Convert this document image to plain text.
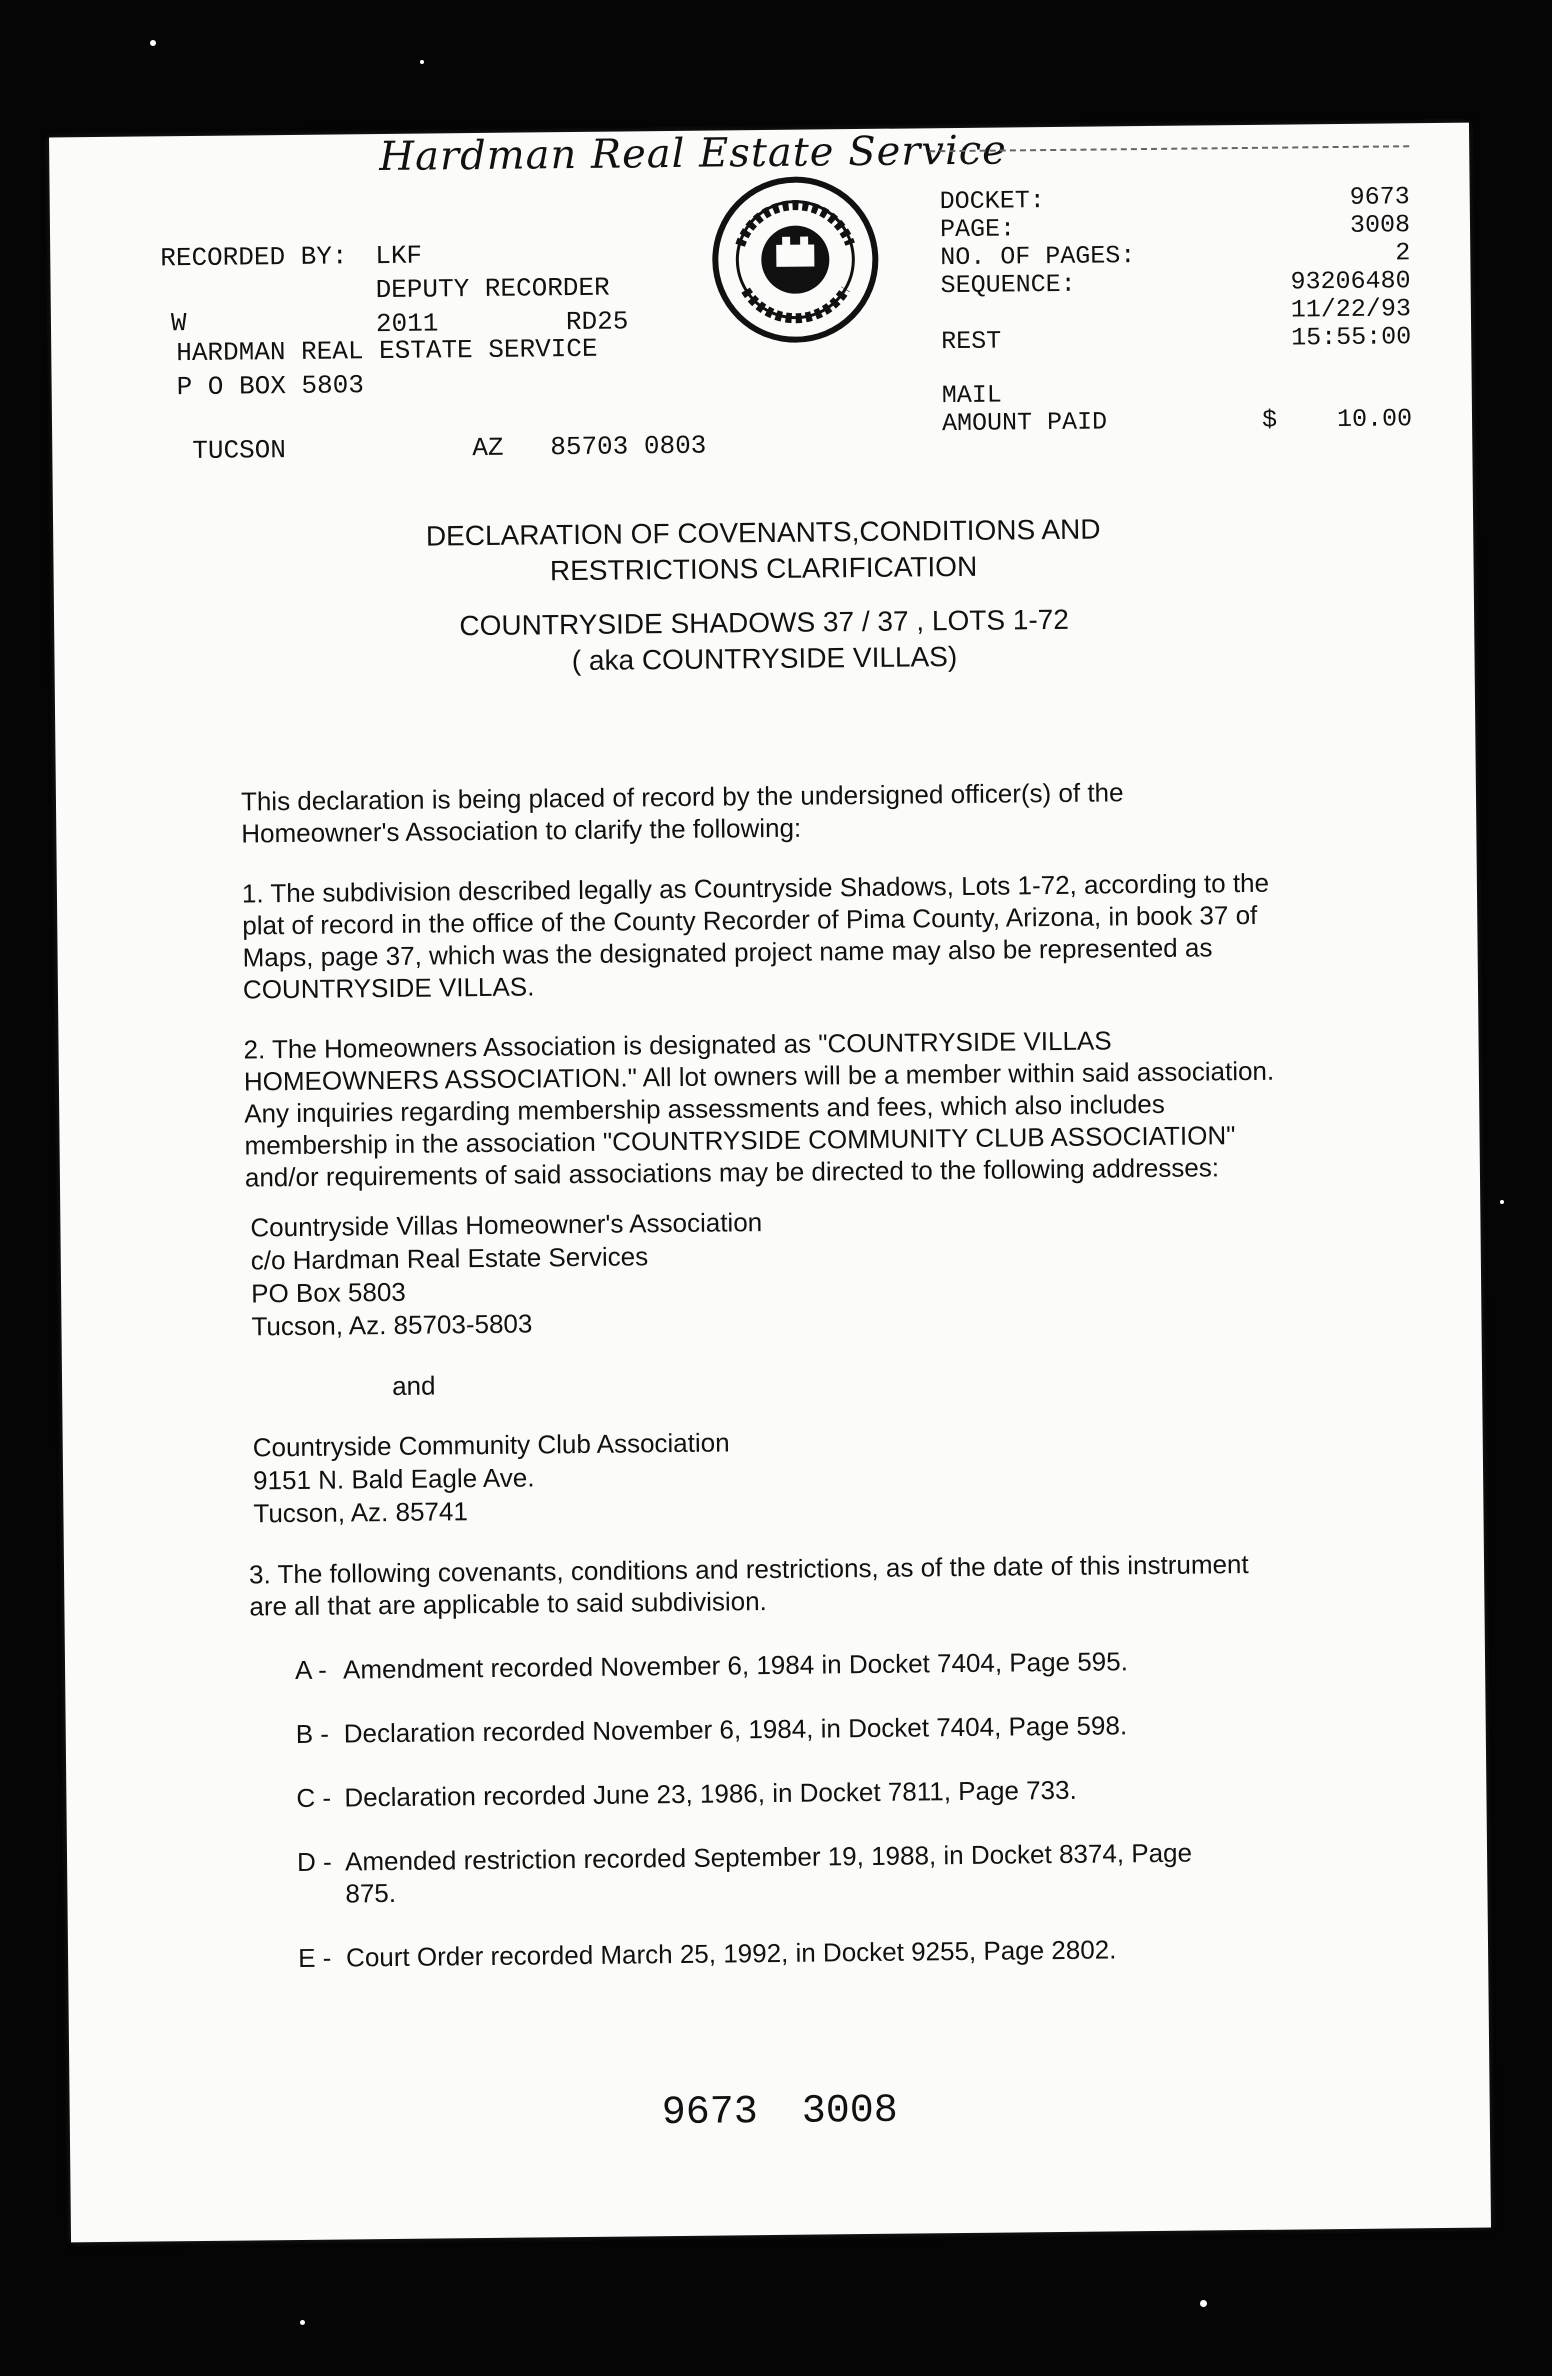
Hardman Real Estate Service
RECORDED BY:	LKF
DEPUTY RECORDER
2011	RD25
W
HARDMAN REAL ESTATE SERVICE
P O BOX 5803
TUCSON	AZ   85703 0803
DOCKET:	9673
PAGE:	3008
NO. OF PAGES:	2
SEQUENCE:	93206480
11/22/93
REST	15:55:00
MAIL
AMOUNT PAID	$ 10.00
DECLARATION OF COVENANTS,CONDITIONS AND
RESTRICTIONS CLARIFICATION
COUNTRYSIDE SHADOWS 37 / 37 , LOTS 1-72
( aka COUNTRYSIDE VILLAS)

This declaration is being placed of record by the undersigned officer(s) of the Homeowner's Association to clarify the following:

1. The subdivision described legally as Countryside Shadows, Lots 1-72, according to the plat of record in the office of the County Recorder of Pima County, Arizona, in book 37 of Maps, page 37, which was the designated project name may also be represented as COUNTRYSIDE VILLAS.

2. The Homeowners Association is designated as "COUNTRYSIDE VILLAS HOMEOWNERS ASSOCIATION." All lot owners will be a member within said association. Any inquiries regarding membership assessments and fees, which also includes membership in the association "COUNTRYSIDE COMMUNITY CLUB ASSOCIATION" and/or requirements of said associations may be directed to the following addresses:

Countryside Villas Homeowner's Association
c/o Hardman Real Estate Services
PO Box 5803
Tucson, Az. 85703-5803
and
Countryside Community Club Association
9151 N. Bald Eagle Ave.
Tucson, Az. 85741

3. The following covenants, conditions and restrictions, as of the date of this instrument are all that are applicable to said subdivision.

A - Amendment recorded November 6, 1984 in Docket 7404, Page 595.
B - Declaration recorded November 6, 1984, in Docket 7404, Page 598.
C - Declaration recorded June 23, 1986, in Docket 7811, Page 733.
D - Amended restriction recorded September 19, 1988, in Docket 8374, Page 875.
E - Court Order recorded March 25, 1992, in Docket 9255, Page 2802.
9673 3008
